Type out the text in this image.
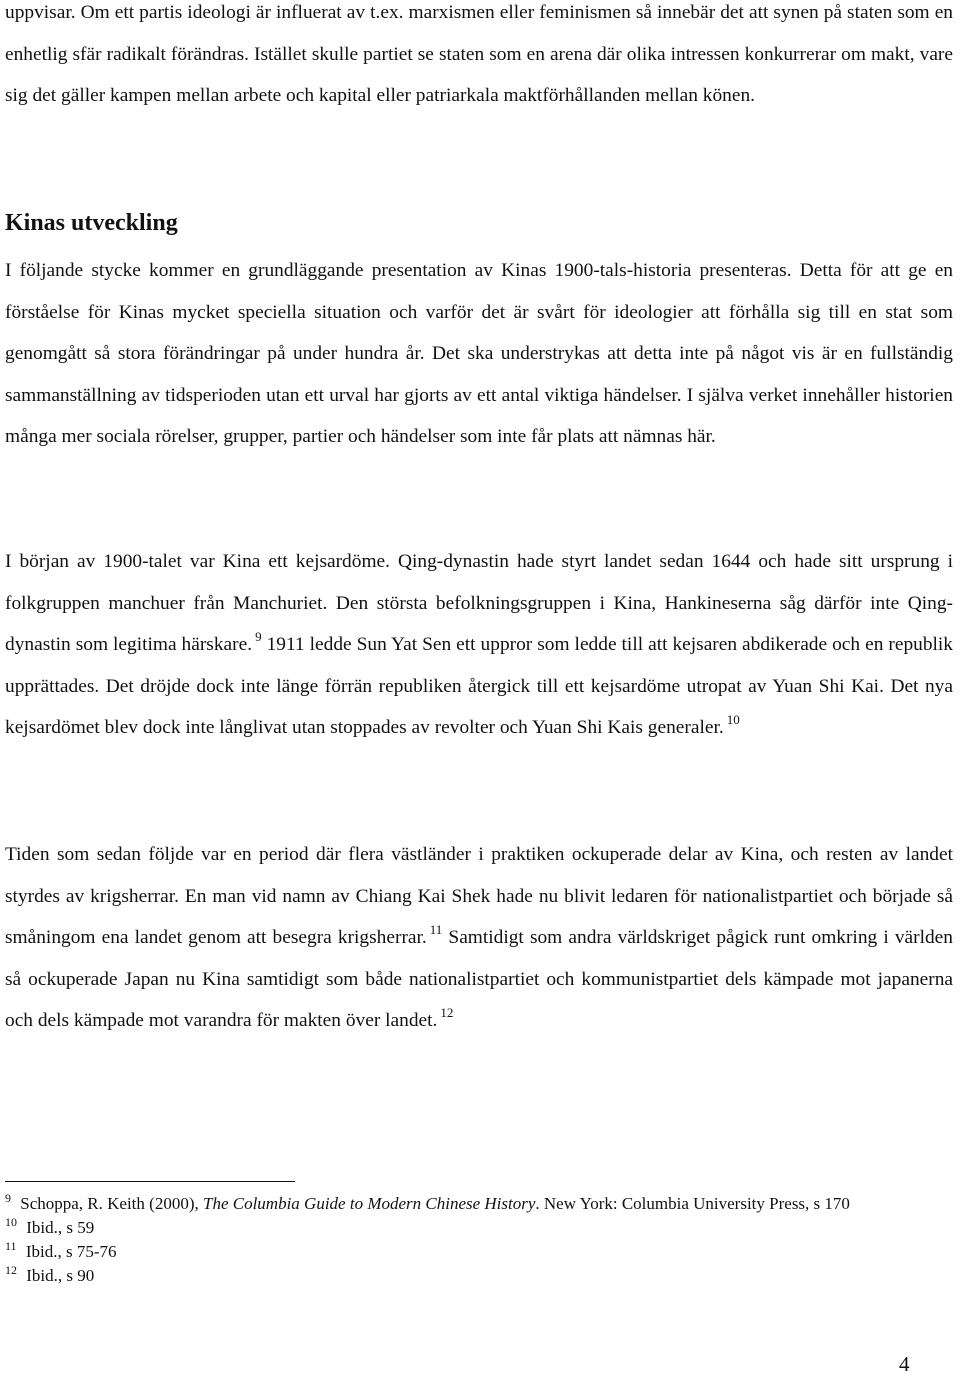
uppvisar. Om ett partis ideologi är influerat av t.ex. marxismen eller feminismen så innebär det att synen på staten som en enhetlig sfär radikalt förändras. Istället skulle partiet se staten som en arena där olika intressen konkurrerar om makt, vare sig det gäller kampen mellan arbete och kapital eller patriarkala maktförhållanden mellan könen.

Kinas utveckling

I följande stycke kommer en grundläggande presentation av Kinas 1900-tals-historia presenteras. Detta för att ge en förståelse för Kinas mycket speciella situation och varför det är svårt för ideologier att förhålla sig till en stat som genomgått så stora förändringar på under hundra år. Det ska understrykas att detta inte på något vis är en fullständig sammanställning av tidsperioden utan ett urval har gjorts av ett antal viktiga händelser. I själva verket innehåller historien många mer sociala rörelser, grupper, partier och händelser som inte får plats att nämnas här.

I början av 1900-talet var Kina ett kejsardöme. Qing-dynastin hade styrt landet sedan 1644 och hade sitt ursprung i folkgruppen manchuer från Manchuriet. Den största befolkningsgruppen i Kina, Hankineserna såg därför inte Qing-dynastin som legitima härskare. $^9$ 1911 ledde Sun Yat Sen ett uppror som ledde till att kejsaren abdikerade och en republik upprättades. Det dröjde dock inte länge förrän republiken återgick till ett kejsardöme utropat av Yuan Shi Kai. Det nya kejsardömet blev dock inte långlivat utan stoppades av revolter och Yuan Shi Kais generaler. $^{10}$

Tiden som sedan följde var en period där flera västländer i praktiken ockuperade delar av Kina, och resten av landet styrdes av krigsherrar. En man vid namn av Chiang Kai Shek hade nu blivit ledaren för nationalistpartiet och började så småningom ena landet genom att besegra krigsherrar. $^{11}$ Samtidigt som andra världskriget pågick runt omkring i världen så ockuperade Japan nu Kina samtidigt som både nationalistpartiet och kommunistpartiet dels kämpade mot japanerna och dels kämpade mot varandra för makten över landet. $^{12}$

$^9$ Schoppa, R. Keith (2000), The Columbia Guide to Modern Chinese History. New York: Columbia University Press, s 170

$^{10}$ Ibid., s 59

$^{11}$ Ibid., s 75-76

$^{12}$ Ibid., s 90

4
